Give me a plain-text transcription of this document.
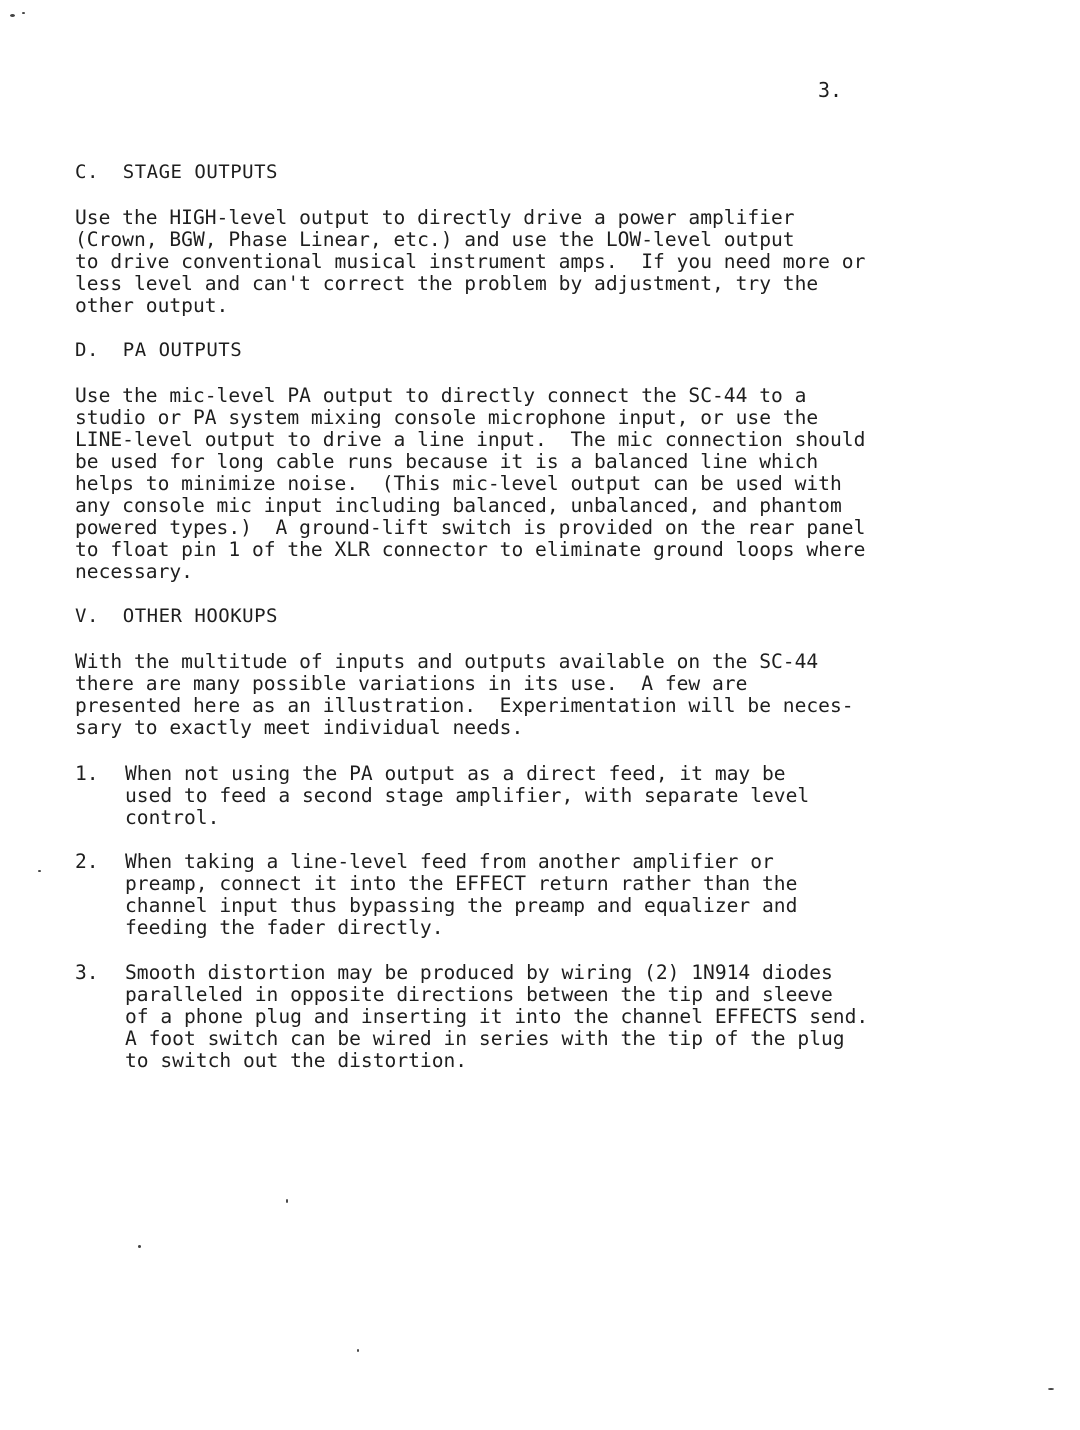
3.
C.  STAGE OUTPUTS
Use the HIGH-level output to directly drive a power amplifier
(Crown, BGW, Phase Linear, etc.) and use the LOW-level output
to drive conventional musical instrument amps.  If you need more or
less level and can't correct the problem by adjustment, try the
other output.
D.  PA OUTPUTS
Use the mic-level PA output to directly connect the SC-44 to a
studio or PA system mixing console microphone input, or use the
LINE-level output to drive a line input.  The mic connection should
be used for long cable runs because it is a balanced line which
helps to minimize noise.  (This mic-level output can be used with
any console mic input including balanced, unbalanced, and phantom
powered types.)  A ground-lift switch is provided on the rear panel
to float pin 1 of the XLR connector to eliminate ground loops where
necessary.
V.  OTHER HOOKUPS
With the multitude of inputs and outputs available on the SC-44
there are many possible variations in its use.  A few are
presented here as an illustration.  Experimentation will be neces-
sary to exactly meet individual needs.
1. When not using the PA output as a direct feed, it may be
used to feed a second stage amplifier, with separate level
control.
2. When taking a line-level feed from another amplifier or
preamp, connect it into the EFFECT return rather than the
channel input thus bypassing the preamp and equalizer and
feeding the fader directly.
3. Smooth distortion may be produced by wiring (2) 1N914 diodes
paralleled in opposite directions between the tip and sleeve
of a phone plug and inserting it into the channel EFFECTS send.
A foot switch can be wired in series with the tip of the plug
to switch out the distortion.
